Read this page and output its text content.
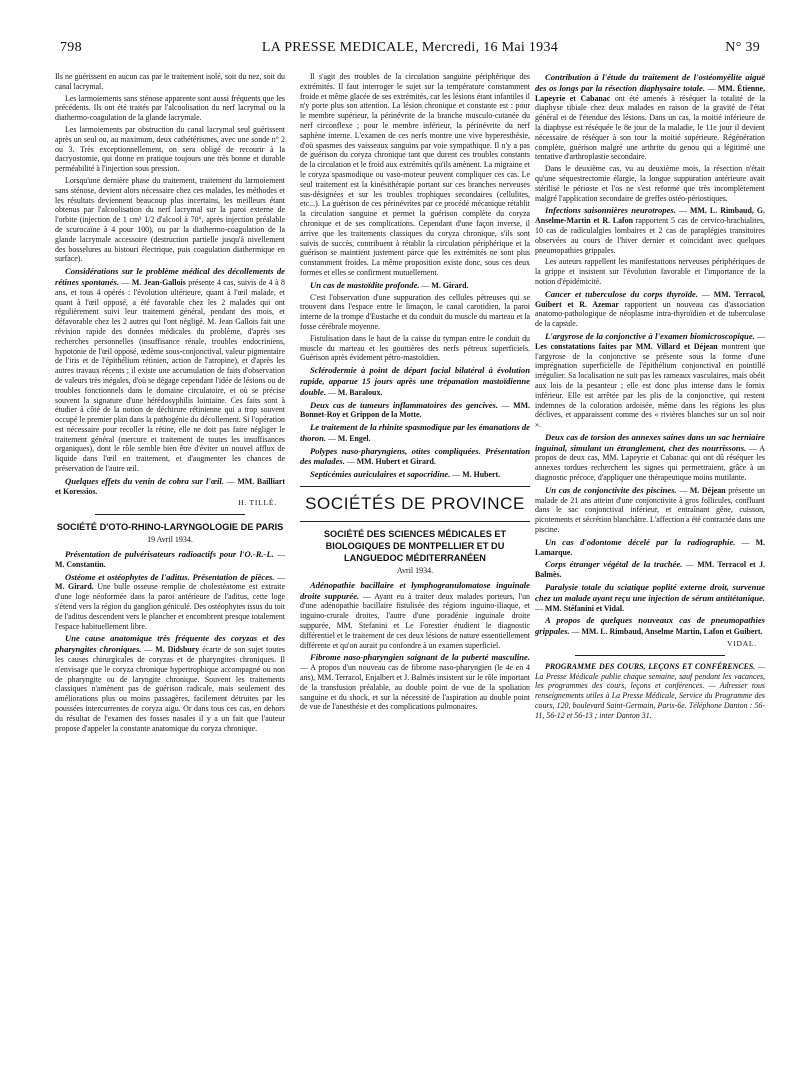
798	LA PRESSE MEDICALE, Mercredi, 16 Mai 1934	N° 39

Ils ne guérissent en aucun cas par le traitement isolé, soit du nez, soit du canal lacrymal.

Les larmoiements sans sténose apparente sont aussi fréquents que les précédents. Ils ont été traités par l'alcoolisation du nerf lacrymal ou la diathermo-coagulation de la glande lacrymale.

Les larmoiements par obstruction du canal lacrymal seul guérissent après un seul ou, au maximum, deux cathétérismes, avec une sonde n° 2 ou 3. Très exceptionnellement, on sera obligé de recourir à la dacryostomie, qui donne en pratique toujours une très bonne et durable perméabilité à l'injection sous pression.

Lorsqu'une dernière phase du traitement, traitement du larmoiement sans sténose, devient alors nécessaire chez ces malades, les méthodes et les résultats deviennent beaucoup plus incertains, les meilleurs étant obtenus par l'alcoolisation du nerf lacrymal sur la paroi externe de l'orbite (injection de 1 cm³ 1/2 d'alcool à 70°, après injection préalable de scurocaïne à 4 pour 100), ou par la diathermo-coagulation de la glande lacrymale accessoire (destruction partielle jusqu'à nivellement des bosselures au bistouri électrique, puis coagulation diathermique en surface).

Considérations sur le problème médical des décollements de rétines spontanés. — M. Jean-Gallois présente 4 cas, suivis de 4 à 8 ans, et tous 4 opérés : l'évolution ultérieure, quant à l'œil malade, et quant à l'œil opposé, a été favorable chez les 2 malades qui ont régulièrement suivi leur traitement général, pendant des mois, et défavorable chez les 2 autres qui l'ont négligé. M. Jean Gallois fait une révision rapide des données médicales du problème, d'après ses recherches personnelles (insuffisance rénale, troubles endocriniens, hypotonie de l'œil opposé, œdème sous-conjonctival, valeur pigmentaire de l'iris et de l'épithélium rétinien, action de l'atropine), et d'après les autres travaux récents ; il existe une accumulation de faits d'observation de valeurs très inégales, d'où se dégage cependant l'idée de lésions ou de troubles fonctionnels dans le domaine circulatoire, et où se précise souvent la signature d'une hérédosyphilis lointaine. Ces faits sont à étudier à côté de la notion de déchirure rétinienne qui a trop souvent occupé le premier plan dans la pathogénie du décollement. Si l'opération est nécessaire pour recoller la rétine, elle ne doit pas faire négliger le traitement général (mercure et traitement de toutes les insuffisances organiques), dont le rôle semble bien être d'éviter un nouvel afflux de liquide dans l'œil en traitement, et d'augmenter les chances de préservation de l'autre œil.

Quelques effets du venin de cobra sur l'œil. — MM. Bailliart et Koressios.

H. TILLÉ.
SOCIÉTÉ D'OTO-RHINO-LARYNGOLOGIE DE PARIS
19 Avril 1934.

Présentation de pulvérisateurs radioactifs pour l'O.-R.-L. — M. Constantin.

Ostéome et ostéophytes de l'aditus. Présentation de pièces. — M. Girard. Une bulle osseuse remplie de cholestéatome est extraite d'une loge néoformée dans la paroi antérieure de l'aditus, cette loge s'étend vers la région du ganglion géniculé. Des ostéophytes issus du toit de l'aditus descendent vers le plancher et encombrent presque totalement l'espace habituellement libre.

Une cause anatomique très fréquente des coryzas et des pharyngites chroniques. — M. Didsbury écarte de son sujet toutes les causes chirurgicales de coryzas et de pharyngites chroniques. Il n'envisage que le coryza chronique hypertrophique accompagné ou non de pharyngite ou de laryngite chronique. Souvent les traitements classiques n'amènent pas de guérison radicale, mais seulement des améliorations plus ou moins passagères, facilement détruites par les poussées intercurrentes de coryza aigu. Or dans tous ces cas, en dehors du résultat de l'examen des fosses nasales il y a un fait que l'auteur propose d'appeler la constante anatomique du coryza chronique.

Il s'agit des troubles de la circulation sanguine périphérique des extrémités. Il faut interroger le sujet sur la température constamment froide et même glacée de ses extrémités, car les lésions étant infantiles il n'y porte plus son attention. La lésion chronique et constante est : pour le membre supérieur, la périnévrite de la branche musculo-cutanée du nerf circonflexe ; pour le membre inférieur, la périnévrite du nerf saphène interne. L'examen de ces nerfs montre une vive hyperesthésie, d'où spasmes des vaisseaux sanguins par voie sympathique. Il n'y a pas de guérison du coryza chronique tant que durent ces troubles constants de la circulation et le froid aux extrémités qu'ils amènent. La migraine et le coryza spasmodique ou vaso-moteur peuvent compliquer ces cas. Le seul traitement est la kinésithérapie portant sur ces branches nerveuses sus-désignées et sur les troubles trophiques secondaires (cellulites, etc...). La guérison de ces périnévrites par ce procédé mécanique rétablit la circulation sanguine et permet la guérison complète du coryza chronique et de ses complications. Cependant d'une façon inverse, il arrive que les traitements classiques du coryza chronique, s'ils sont suivis de succès, contribuent à rétablir la circulation périphérique et la guérison se maintient justement parce que les extrémités ne sont plus constamment froides. La même proposition existe donc, sous ces deux formes et elles se confirment mutuellement.

Un cas de mastoïdite profonde. — M. Girard.

C'est l'observation d'une suppuration des cellules pétreuses qui se trouvent dans l'espace entre le limaçon, le canal carotidien, la paroi interne de la trompe d'Eustache et du conduit du muscle du marteau et la fosse cérébrale moyenne.

Fistulisation dans le haut de la caisse du tympan entre le conduit du muscle du marteau et les gouttières des nerfs pétreux superficiels. Guérison après évidement pétro-mastoïdien.

Sclérodermie à point de départ facial bilatéral à évolution rapide, apparue 15 jours après une trépanation mastoïdienne double. — M. Baraloux.

Deux cas de tumeurs inflammatoires des gencives. — MM. Bonnet-Roy et Grippon de la Motte.

Le traitement de la rhinite spasmodique par les émanations de thoron. — M. Engel.

Polypes naso-pharyngiens, otites compliquées. Présentation des malades. — MM. Hubert et Girard.

Septicémies auriculaires et sapocridine. — M. Hubert.

SOCIÉTÉS DE PROVINCE
SOCIÉTÉ DES SCIENCES MÉDICALES ET BIOLOGIQUES DE MONTPELLIER ET DU LANGUEDOC MÉDITERRANÉEN
Avril 1934.

Adénopathie bacillaire et lymphogranulomatose inguinale droite suppurée. — Ayant eu à traiter deux malades porteurs, l'un d'une adénopathie bacillaire fistulisée des régions inguino-iliaque, et inguino-crurale droites, l'autre d'une poradénie inguinale droite suppurée, MM. Stefanini et Le Forestier étudient le diagnostic différentiel et le traitement de ces deux lésions de nature essentiellement différente et qu'on aurait pu confondre à un examen superficiel.

Fibrome naso-pharyngien saignant de la puberté masculine. — A propos d'un nouveau cas de fibrome naso-pharyngien (le 4e en 4 ans), MM. Terracol, Enjalbert et J. Balmès insistent sur le rôle important de la transfusion préalable, au double point de vue de la spoliation sanguine et du shock, et sur la nécessité de l'aspiration au double point de vue de l'anesthésie et des complications pulmonaires.

Contribution à l'étude du traitement de l'ostéomyélite aiguë des os longs par la résection diaphysaire totale. — MM. Étienne, Lapeyrie et Cabanac ont été amenés à réséquer la totalité de la diaphyse tibiale chez deux malades en raison de la gravité de l'état général et de l'étendue des lésions. Dans un cas, la moitié inférieure de la diaphyse est réséquée le 8e jour de la maladie, le 11e jour il devient nécessaire de réséquer à son tour la moitié supérieure. Régénération complète, guérison malgré une arthrite du genou qui a légitimé une tentative d'arthroplastie secondaire.

Dans le deuxième cas, vu au deuxième mois, la résection n'était qu'une séquestrectomie élargie, la longue suppuration antérieure avait stérilisé le périoste et l'os ne s'est reformé que très incomplètement malgré l'application secondaire de greffes ostéo-périostiques.

Infections saisonnières neurotropes. — MM. L. Rimbaud, G. Anselme-Martin et R. Lafon rapportent 5 cas de cervico-brachialites, 10 cas de radiculalgies lombaires et 2 cas de paraplégies transitoires observées au cours de l'hiver dernier et coïncidant avec quelques pneumopathies grippales.

Les auteurs rappellent les manifestations nerveuses périphériques de la grippe et insistent sur l'évolution favorable et l'importance de la notion d'épidémicité.

Cancer et tuberculose du corps thyroïde. — MM. Terracol, Guibert et R. Azemar rapportent un nouveau cas d'association anatomo-pathologique de néoplasme intra-thyroïdien et de tuberculose de la capsule.

L'argyrose de la conjonctive à l'examen biomicroscopique. — Les constatations faites par MM. Villard et Déjean montrent que l'argyrose de la conjonctive se présente sous la forme d'une imprégnation superficielle de l'épithélium conjonctival en pointillé irrégulier. Sa localisation ne suit pas les rameaux vasculaires, mais obéit aux lois de la pesanteur ; elle est donc plus intense dans le fornix inférieur. Elle est arrêtée par les plis de la conjonctive, qui restent indemnes de la coloration ardoisée, même dans les régions les plus déclives, et apparaissent comme des « rivières blanches sur un sol noir ».

Deux cas de torsion des annexes saines dans un sac herniaire inguinal, simulant un étranglement, chez des nourrissons. — A propos de deux cas, MM. Lapeyrie et Cabanac qui ont dû réséquer les annexes tordues recherchent les signes qui permettraient, grâce à un diagnostic précoce, d'appliquer une thérapeutique moins mutilante.

Un cas de conjonctivite des piscines. — M. Déjean présente un malade de 21 ans atteint d'une conjonctivite à gros follicules, confluant dans le sac conjonctival inférieur, et entraînant gêne, cuisson, picotements et sécrétion blanchâtre. L'affection a été contractée dans une piscine.

Un cas d'odontome décelé par la radiographie. — M. Lamarque.

Corps étranger végétal de la trachée. — MM. Terracol et J. Balmès.

Paralysie totale du sciatique poplité externe droit, survenue chez un malade ayant reçu une injection de sérum antitétanique. — MM. Stéfanini et Vidal.

A propos de quelques nouveaux cas de pneumopathies grippales. — MM. L. Rimbaud, Anselme Martin, Lafon et Guibert.

VIDAL.

PROGRAMME DES COURS, LEÇONS ET CONFÉRENCES. — La Presse Médicale publie chaque semaine, sauf pendant les vacances, les programmes des cours, leçons et conférences. — Adresser tous renseignements utiles à La Presse Médicale, Service du Programme des cours, 120, boulevard Saint-Germain, Paris-6e. Téléphone Danton : 56-11, 56-12 et 56-13 ; inter Danton 31.
